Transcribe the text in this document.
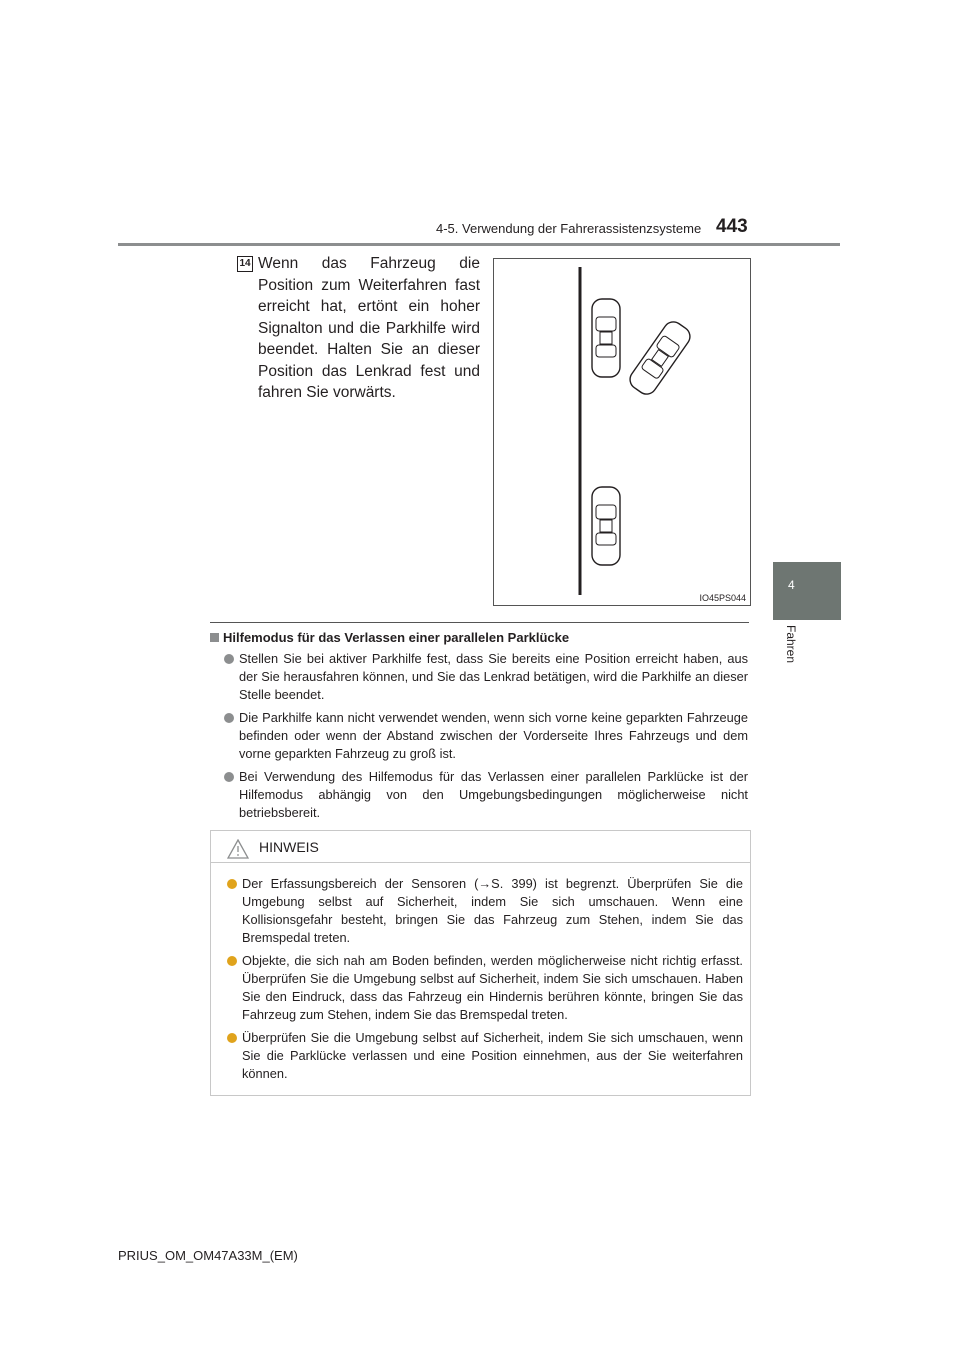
4-5. Verwendung der Fahrerassistenzsysteme 443
4
Fahren
14 Wenn das Fahrzeug die Position zum Weiterfahren fast erreicht hat, ertönt ein hoher Signalton und die Parkhilfe wird beendet. Halten Sie an dieser Position das Lenkrad fest und fahren Sie vorwärts.
IO45PS044
Hilfemodus für das Verlassen einer parallelen Parklücke
Stellen Sie bei aktiver Parkhilfe fest, dass Sie bereits eine Position erreicht haben, aus der Sie herausfahren können, und Sie das Lenkrad betätigen, wird die Parkhilfe an dieser Stelle beendet.
Die Parkhilfe kann nicht verwendet wenden, wenn sich vorne keine geparkten Fahrzeuge befinden oder wenn der Abstand zwischen der Vorderseite Ihres Fahrzeugs und dem vorne geparkten Fahrzeug zu groß ist.
Bei Verwendung des Hilfemodus für das Verlassen einer parallelen Parklücke ist der Hilfemodus abhängig von den Umgebungsbedingungen möglicherweise nicht betriebsbereit.
HINWEIS
Der Erfassungsbereich der Sensoren (→S. 399) ist begrenzt. Überprüfen Sie die Umgebung selbst auf Sicherheit, indem Sie sich umschauen. Wenn eine Kollisionsgefahr besteht, bringen Sie das Fahrzeug zum Stehen, indem Sie das Bremspedal treten.
Objekte, die sich nah am Boden befinden, werden möglicherweise nicht richtig erfasst. Überprüfen Sie die Umgebung selbst auf Sicherheit, indem Sie sich umschauen. Haben Sie den Eindruck, dass das Fahrzeug ein Hindernis berühren könnte, bringen Sie das Fahrzeug zum Stehen, indem Sie das Bremspedal treten.
Überprüfen Sie die Umgebung selbst auf Sicherheit, indem Sie sich umschauen, wenn Sie die Parklücke verlassen und eine Position einnehmen, aus der Sie weiterfahren können.
PRIUS_OM_OM47A33M_(EM)
